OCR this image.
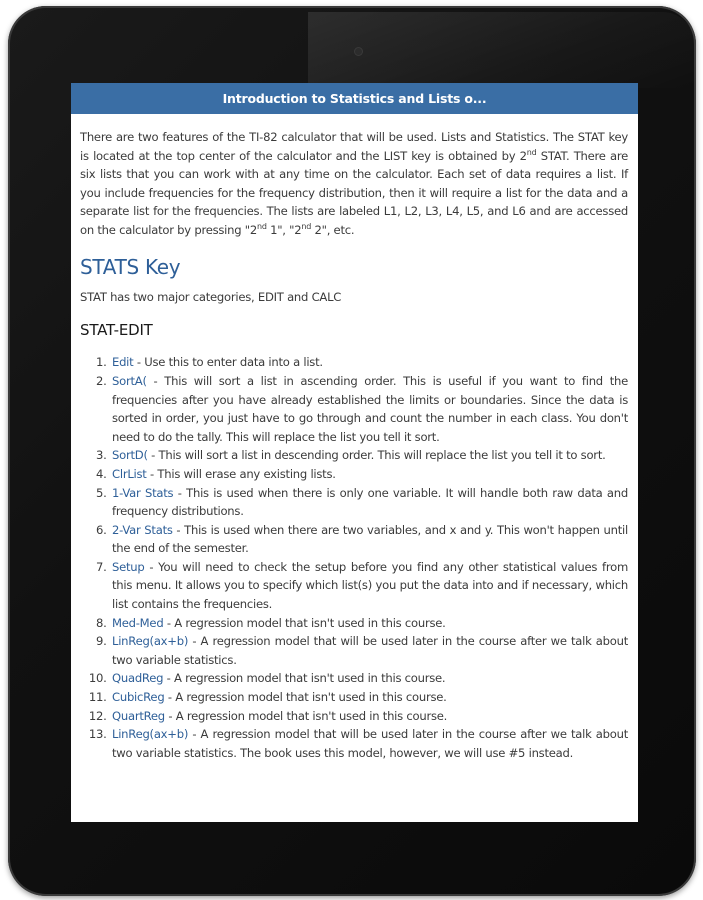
Introduction to Statistics and Lists o...

There are two features of the TI-82 calculator that will be used. Lists and Statistics. The STAT key is located at the top center of the calculator and the LIST key is obtained by 2nd STAT. There are six lists that you can work with at any time on the calculator. Each set of data requires a list. If you include frequencies for the frequency distribution, then it will require a list for the data and a separate list for the frequencies. The lists are labeled L1, L2, L3, L4, L5, and L6 and are accessed on the calculator by pressing "2nd 1", "2nd 2", etc.

STATS Key

STAT has two major categories, EDIT and CALC

STAT-EDIT
1. Edit - Use this to enter data into a list.
2. SortA( - This will sort a list in ascending order. This is useful if you want to find the frequencies after you have already established the limits or boundaries. Since the data is sorted in order, you just have to go through and count the number in each class. You don't need to do the tally. This will replace the list you tell it sort.
3. SortD( - This will sort a list in descending order. This will replace the list you tell it to sort.
4. ClrList - This will erase any existing lists.
5. 1-Var Stats - This is used when there is only one variable. It will handle both raw data and frequency distributions.
6. 2-Var Stats - This is used when there are two variables, and x and y. This won't happen until the end of the semester.
7. Setup - You will need to check the setup before you find any other statistical values from this menu. It allows you to specify which list(s) you put the data into and if necessary, which list contains the frequencies.
8. Med-Med - A regression model that isn't used in this course.
9. LinReg(ax+b) - A regression model that will be used later in the course after we talk about two variable statistics.
10. QuadReg - A regression model that isn't used in this course.
11. CubicReg - A regression model that isn't used in this course.
12. QuartReg - A regression model that isn't used in this course.
13. LinReg(ax+b) - A regression model that will be used later in the course after we talk about two variable statistics. The book uses this model, however, we will use #5 instead.
